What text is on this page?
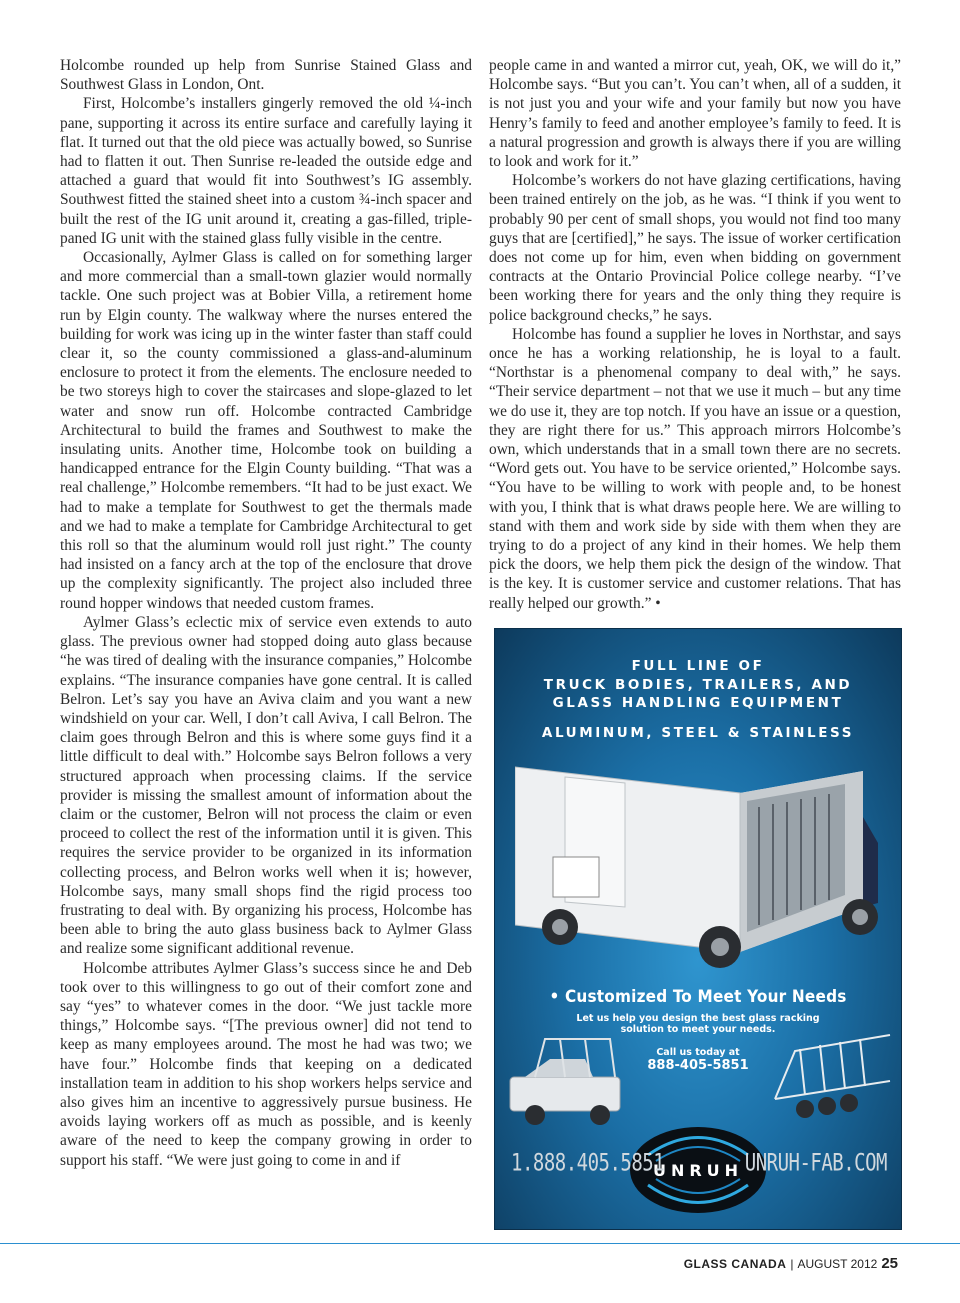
Holcombe rounded up help from Sunrise Stained Glass and Southwest Glass in London, Ont.

First, Holcombe’s installers gingerly removed the old ¼-inch pane, supporting it across its entire surface and carefully laying it flat. It turned out that the old piece was actually bowed, so Sunrise had to flatten it out. Then Sunrise re-leaded the outside edge and attached a guard that would fit into Southwest’s IG assembly. Southwest fitted the stained sheet into a custom ¾-inch spacer and built the rest of the IG unit around it, creating a gas-filled, triple-paned IG unit with the stained glass fully visible in the centre.

Occasionally, Aylmer Glass is called on for something larger and more commercial than a small-town glazier would normally tackle. One such project was at Bobier Villa, a retirement home run by Elgin county. The walkway where the nurses entered the building for work was icing up in the winter faster than staff could clear it, so the county commissioned a glass-and-aluminum enclosure to protect it from the elements. The enclosure needed to be two storeys high to cover the staircases and slope-glazed to let water and snow run off. Holcombe contracted Cambridge Architectural to build the frames and Southwest to make the insulating units. Another time, Holcombe took on building a handicapped entrance for the Elgin County building. “That was a real challenge,” Holcombe remembers. “It had to be just exact. We had to make a template for Southwest to get the thermals made and we had to make a template for Cambridge Architectural to get this roll so that the aluminum would roll just right.” The county had insisted on a fancy arch at the top of the enclosure that drove up the complexity significantly. The project also included three round hopper windows that needed custom frames.

Aylmer Glass’s eclectic mix of service even extends to auto glass. The previous owner had stopped doing auto glass because “he was tired of dealing with the insurance companies,” Holcombe explains. “The insurance companies have gone central. It is called Belron. Let’s say you have an Aviva claim and you want a new windshield on your car. Well, I don’t call Aviva, I call Belron. The claim goes through Belron and this is where some guys find it a little difficult to deal with.” Holcombe says Belron follows a very structured approach when processing claims. If the service provider is missing the smallest amount of information about the claim or the customer, Belron will not process the claim or even proceed to collect the rest of the information until it is given. This requires the service provider to be organized in its information collecting process, and Belron works well when it is; however, Holcombe says, many small shops find the rigid process too frustrating to deal with. By organizing his process, Holcombe has been able to bring the auto glass business back to Aylmer Glass and realize some significant additional revenue.

Holcombe attributes Aylmer Glass’s success since he and Deb took over to this willingness to go out of their comfort zone and say “yes” to whatever comes in the door. “We just tackle more things,” Holcombe says. “[The previous owner] did not tend to keep as many employees around. The most he had was two; we have four.” Holcombe finds that keeping on a dedicated installation team in addition to his shop workers helps service and also gives him an incentive to aggressively pursue business. He avoids laying workers off as much as possible, and is keenly aware of the need to keep the company growing in order to support his staff. “We were just going to come in and if

people came in and wanted a mirror cut, yeah, OK, we will do it,” Holcombe says. “But you can’t. You can’t when, all of a sudden, it is not just you and your wife and your family but now you have Henry’s family to feed and another employee’s family to feed. It is a natural progression and growth is always there if you are willing to look and work for it.”

Holcombe’s workers do not have glazing certifications, having been trained entirely on the job, as he was. “I think if you went to probably 90 per cent of small shops, you would not find too many guys that are [certified],” he says. The issue of worker certification does not come up for him, even when bidding on government contracts at the Ontario Provincial Police college nearby. “I’ve been working there for years and the only thing they require is police background checks,” he says.

Holcombe has found a supplier he loves in Northstar, and says once he has a working relationship, he is loyal to a fault. “Northstar is a phenomenal company to deal with,” he says. “Their service department – not that we use it much – but any time we do use it, they are top notch. If you have an issue or a question, they are right there for us.” This approach mirrors Holcombe’s own, which understands that in a small town there are no secrets. “Word gets out. You have to be service oriented,” Holcombe says. “You have to be willing to work with people and, to be honest with you, I think that is what draws people here. We are willing to stand with them and work side by side with them when they are trying to do a project of any kind in their homes. We help them pick the doors, we help them pick the design of the window. That is the key. It is customer service and customer relations. That has really helped our growth.” •

FULL LINE OF
TRUCK BODIES, TRAILERS, AND
GLASS HANDLING EQUIPMENT
ALUMINUM, STEEL & STAINLESS
• Customized To Meet Your Needs
Let us help you design the best glass racking
solution to meet your needs.
Call us today at
888-405-5851
UNRUH
1.888.405.5851	UNRUH-FAB.COM
GLASS CANADA | AUGUST 2012 25
